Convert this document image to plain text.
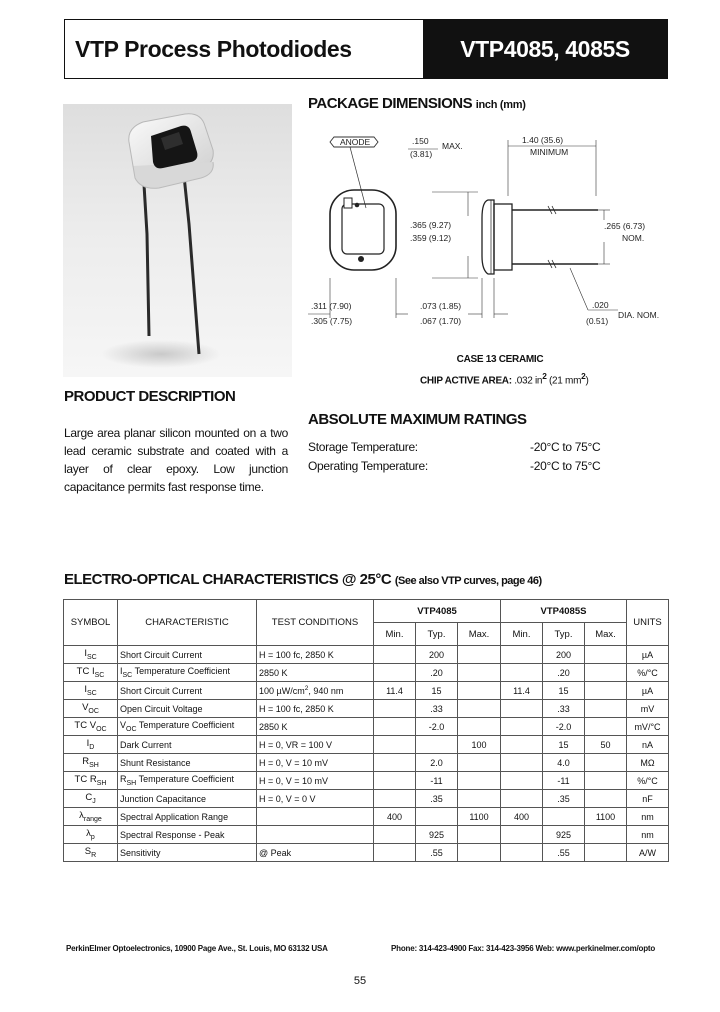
VTP Process Photodiodes	VTP4085, 4085S
PACKAGE DIMENSIONS inch (mm)
ANODE
.311 (7.90)
.305 (7.75)
.150 MAX.
(3.81)
1.40 (35.6)
MINIMUM
.365 (9.27)
.359 (9.12)
.265 (6.73)
NOM.
.073 (1.85)
.067 (1.70)
.020
(0.51)
DIA. NOM.
CASE 13 CERAMIC
CHIP ACTIVE AREA: .032 $in^2$ (21 $mm^2$)
PRODUCT DESCRIPTION
Large area planar silicon mounted on a two lead ceramic substrate and coated with a layer of clear epoxy. Low junction capacitance permits fast response time.
ABSOLUTE MAXIMUM RATINGS
Storage Temperature:	-20°C to 75°C
Operating Temperature:	-20°C to 75°C
ELECTRO-OPTICAL CHARACTERISTICS @ 25°C (See also VTP curves, page 46)
SYMBOL	CHARACTERISTIC	TEST CONDITIONS	VTP4085			VTP4085S			UNITS
			Min.	Typ.	Max.	Min.	Typ.	Max.	
$I_{SC}$	Short Circuit Current	H = 100 fc, 2850 K		200			200		µA
TC $I_{SC}$	$I_{SC}$ Temperature Coefficient	2850 K		.20			.20		%/°C
$I_{SC}$	Short Circuit Current	100 $\mu W/cm^2$, 940 nm	11.4	15		11.4	15		µA
$V_{OC}$	Open Circuit Voltage	H = 100 fc, 2850 K		.33			.33		mV
TC $V_{OC}$	$V_{OC}$ Temperature Coefficient	2850 K		-2.0			-2.0		mV/°C
$I_D$	Dark Current	H = 0, VR = 100 V			100		15	50	nA
$R_{SH}$	Shunt Resistance	H = 0, V = 10 mV		2.0			4.0		MΩ
TC $R_{SH}$	$R_{SH}$ Temperature Coefficient	H = 0, V = 10 mV		-11			-11		%/°C
$C_J$	Junction Capacitance	H = 0, V = 0 V		.35			.35		nF
$\lambda_{range}$	Spectral Application Range		400		1100	400		1100	nm
$\lambda_p$	Spectral Response - Peak			925			925		nm
$S_R$	Sensitivity	@ Peak		.55			.55		A/W
PerkinElmer Optoelectronics, 10900 Page Ave., St. Louis, MO 63132 USA	Phone: 314-423-4900 Fax: 314-423-3956 Web: www.perkinelmer.com/opto
55
